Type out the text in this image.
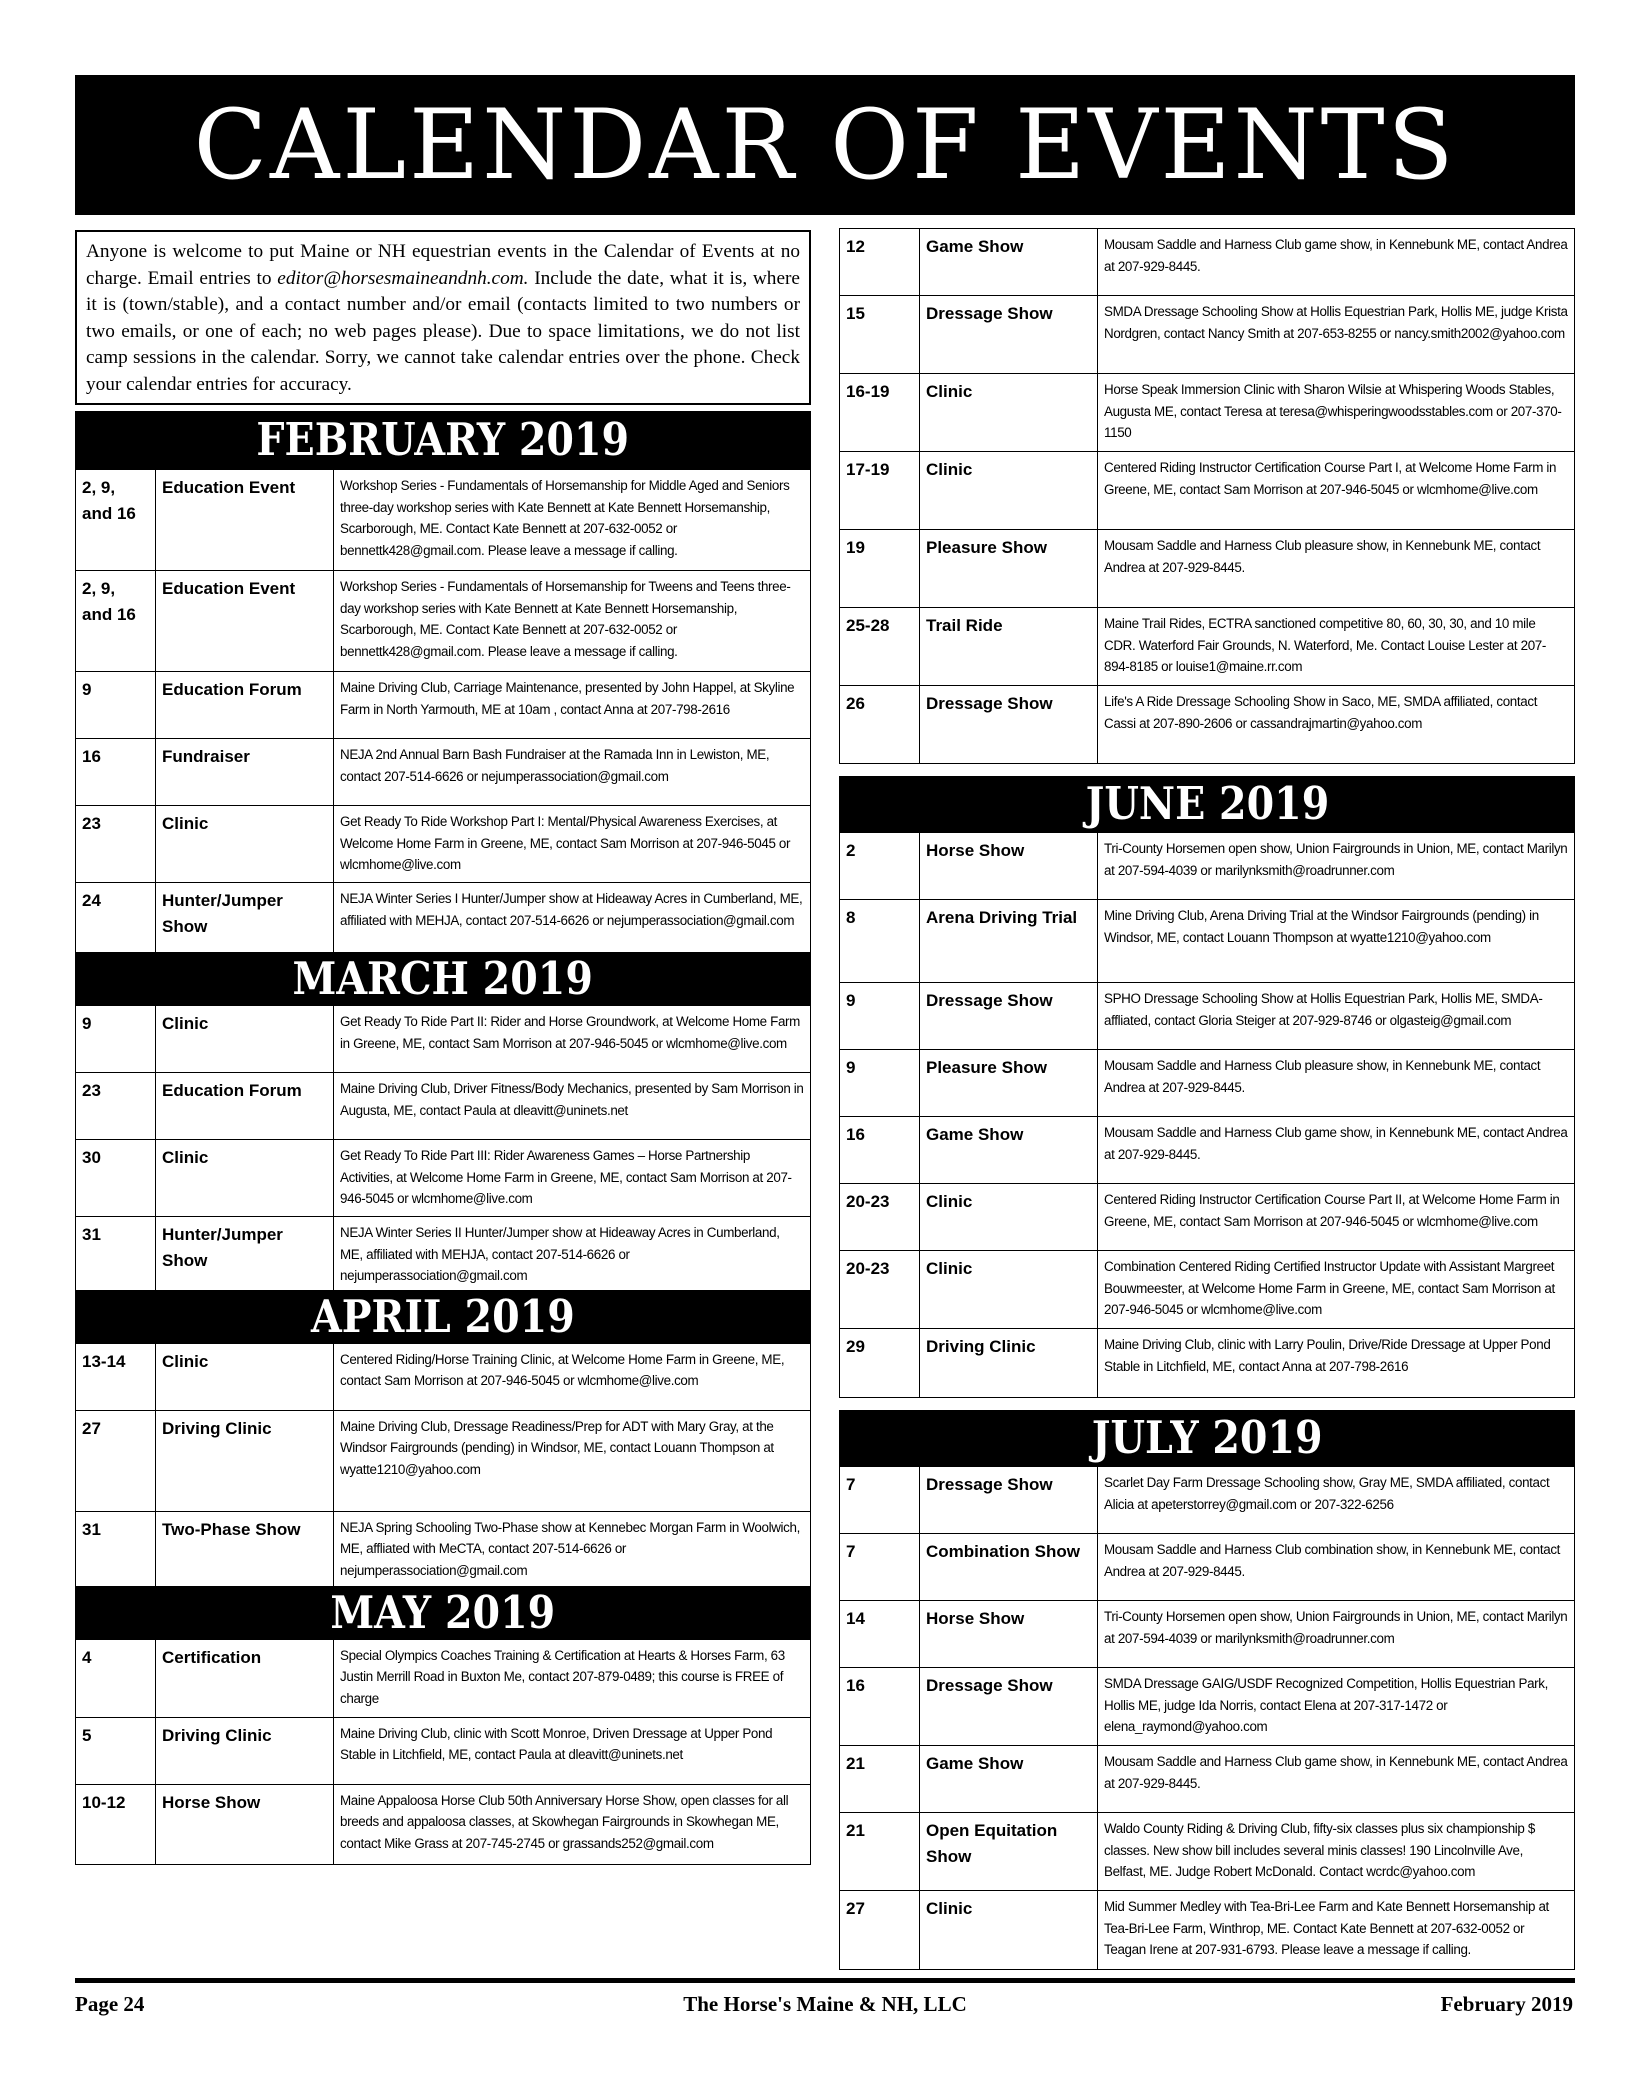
CALENDAR OF EVENTS
Anyone is welcome to put Maine or NH equestrian events in the Calendar of Events at no charge. Email entries to editor@horsesmaineandnh.com. Include the date, what it is, where it is (town/stable), and a contact number and/or email (contacts limited to two numbers or two emails, or one of each; no web pages please). Due to space limitations, we do not list camp sessions in the calendar. Sorry, we cannot take calendar entries over the phone. Check your calendar entries for accuracy.
FEBRUARY 2019
2, 9, and 16	Education Event	Workshop Series - Fundamentals of Horsemanship for Middle Aged and Seniors three-day workshop series with Kate Bennett at Kate Bennett Horsemanship, Scarborough, ME. Contact Kate Bennett at 207-632-0052 or bennettk428@gmail.com. Please leave a message if calling.
2, 9, and 16	Education Event	Workshop Series - Fundamentals of Horsemanship for Tweens and Teens three-day workshop series with Kate Bennett at Kate Bennett Horsemanship, Scarborough, ME. Contact Kate Bennett at 207-632-0052 or bennettk428@gmail.com. Please leave a message if calling.
9	Education Forum	Maine Driving Club, Carriage Maintenance, presented by John Happel, at Skyline Farm in North Yarmouth, ME at 10am , contact Anna at 207-798-2616
16	Fundraiser	NEJA 2nd Annual Barn Bash Fundraiser at the Ramada Inn in Lewiston, ME, contact 207-514-6626 or nejumperassociation@gmail.com
23	Clinic	Get Ready To Ride Workshop Part I: Mental/Physical Awareness Exercises, at Welcome Home Farm in Greene, ME, contact Sam Morrison at 207-946-5045 or wlcmhome@live.com
24	Hunter/Jumper Show	NEJA Winter Series I Hunter/Jumper show at Hideaway Acres in Cumberland, ME, affiliated with MEHJA, contact 207-514-6626 or nejumperassociation@gmail.com
MARCH 2019
9	Clinic	Get Ready To Ride Part II: Rider and Horse Groundwork, at Welcome Home Farm in Greene, ME, contact Sam Morrison at 207-946-5045 or wlcmhome@live.com
23	Education Forum	Maine Driving Club, Driver Fitness/Body Mechanics, presented by Sam Morrison in Augusta, ME, contact Paula at dleavitt@uninets.net
30	Clinic	Get Ready To Ride Part III: Rider Awareness Games – Horse Partnership Activities, at Welcome Home Farm in Greene, ME, contact Sam Morrison at 207-946-5045 or wlcmhome@live.com
31	Hunter/Jumper Show	NEJA Winter Series II Hunter/Jumper show at Hideaway Acres in Cumberland, ME, affiliated with MEHJA, contact 207-514-6626 or nejumperassociation@gmail.com
APRIL 2019
13-14	Clinic	Centered Riding/Horse Training Clinic, at Welcome Home Farm in Greene, ME, contact Sam Morrison at 207-946-5045 or wlcmhome@live.com
27	Driving Clinic	Maine Driving Club, Dressage Readiness/Prep for ADT with Mary Gray, at the Windsor Fairgrounds (pending) in Windsor, ME, contact Louann Thompson at wyatte1210@yahoo.com
31	Two-Phase Show	NEJA Spring Schooling Two-Phase show at Kennebec Morgan Farm in Woolwich, ME, affliated with MeCTA, contact 207-514-6626 or nejumperassociation@gmail.com
MAY 2019
4	Certification	Special Olympics Coaches Training & Certification at Hearts & Horses Farm, 63 Justin Merrill Road in Buxton Me, contact 207-879-0489; this course is FREE of charge
5	Driving Clinic	Maine Driving Club, clinic with Scott Monroe, Driven Dressage at Upper Pond Stable in Litchfield, ME, contact Paula at dleavitt@uninets.net
10-12	Horse Show	Maine Appaloosa Horse Club 50th Anniversary Horse Show, open classes for all breeds and appaloosa classes, at Skowhegan Fairgrounds in Skowhegan ME, contact Mike Grass at 207-745-2745 or grassands252@gmail.com
12	Game Show	Mousam Saddle and Harness Club game show, in Kennebunk ME, contact Andrea at 207-929-8445.
15	Dressage Show	SMDA Dressage Schooling Show at Hollis Equestrian Park, Hollis ME, judge Krista Nordgren, contact Nancy Smith at 207-653-8255 or nancy.smith2002@yahoo.com
16-19	Clinic	Horse Speak Immersion Clinic with Sharon Wilsie at Whispering Woods Stables, Augusta ME, contact Teresa at teresa@whisperingwoodsstables.com or 207-370-1150
17-19	Clinic	Centered Riding Instructor Certification Course Part I, at Welcome Home Farm in Greene, ME, contact Sam Morrison at 207-946-5045 or wlcmhome@live.com
19	Pleasure Show	Mousam Saddle and Harness Club pleasure show, in Kennebunk ME, contact Andrea at 207-929-8445.
25-28	Trail Ride	Maine Trail Rides, ECTRA sanctioned competitive 80, 60, 30, 30, and 10 mile CDR. Waterford Fair Grounds, N. Waterford, Me. Contact Louise Lester at 207-894-8185 or louise1@maine.rr.com
26	Dressage Show	Life's A Ride Dressage Schooling Show in Saco, ME, SMDA affiliated, contact Cassi at 207-890-2606 or cassandrajmartin@yahoo.com
JUNE 2019
2	Horse Show	Tri-County Horsemen open show, Union Fairgrounds in Union, ME, contact Marilyn at 207-594-4039 or marilynksmith@roadrunner.com
8	Arena Driving Trial	Mine Driving Club, Arena Driving Trial at the Windsor Fairgrounds (pending) in Windsor, ME, contact Louann Thompson at wyatte1210@yahoo.com
9	Dressage Show	SPHO Dressage Schooling Show at Hollis Equestrian Park, Hollis ME, SMDA-affliated, contact Gloria Steiger at 207-929-8746 or olgasteig@gmail.com
9	Pleasure Show	Mousam Saddle and Harness Club pleasure show, in Kennebunk ME, contact Andrea at 207-929-8445.
16	Game Show	Mousam Saddle and Harness Club game show, in Kennebunk ME, contact Andrea at 207-929-8445.
20-23	Clinic	Centered Riding Instructor Certification Course Part II, at Welcome Home Farm in Greene, ME, contact Sam Morrison at 207-946-5045 or wlcmhome@live.com
20-23	Clinic	Combination Centered Riding Certified Instructor Update with Assistant Margreet Bouwmeester, at Welcome Home Farm in Greene, ME, contact Sam Morrison at 207-946-5045 or wlcmhome@live.com
29	Driving Clinic	Maine Driving Club, clinic with Larry Poulin, Drive/Ride Dressage at Upper Pond Stable in Litchfield, ME, contact Anna at 207-798-2616
JULY 2019
7	Dressage Show	Scarlet Day Farm Dressage Schooling show, Gray ME, SMDA affiliated, contact Alicia at apeterstorrey@gmail.com or 207-322-6256
7	Combination Show	Mousam Saddle and Harness Club combination show, in Kennebunk ME, contact Andrea at 207-929-8445.
14	Horse Show	Tri-County Horsemen open show, Union Fairgrounds in Union, ME, contact Marilyn at 207-594-4039 or marilynksmith@roadrunner.com
16	Dressage Show	SMDA Dressage GAIG/USDF Recognized Competition, Hollis Equestrian Park, Hollis ME, judge Ida Norris, contact Elena at 207-317-1472 or elena_raymond@yahoo.com
21	Game Show	Mousam Saddle and Harness Club game show, in Kennebunk ME, contact Andrea at 207-929-8445.
21	Open Equitation Show	Waldo County Riding & Driving Club, fifty-six classes plus six championship $ classes. New show bill includes several minis classes! 190 Lincolnville Ave, Belfast, ME. Judge Robert McDonald. Contact wcrdc@yahoo.com
27	Clinic	Mid Summer Medley with Tea-Bri-Lee Farm and Kate Bennett Horsemanship at Tea-Bri-Lee Farm, Winthrop, ME. Contact Kate Bennett at 207-632-0052 or Teagan Irene at 207-931-6793. Please leave a message if calling.
Page 24	The Horse's Maine & NH, LLC	February 2019
